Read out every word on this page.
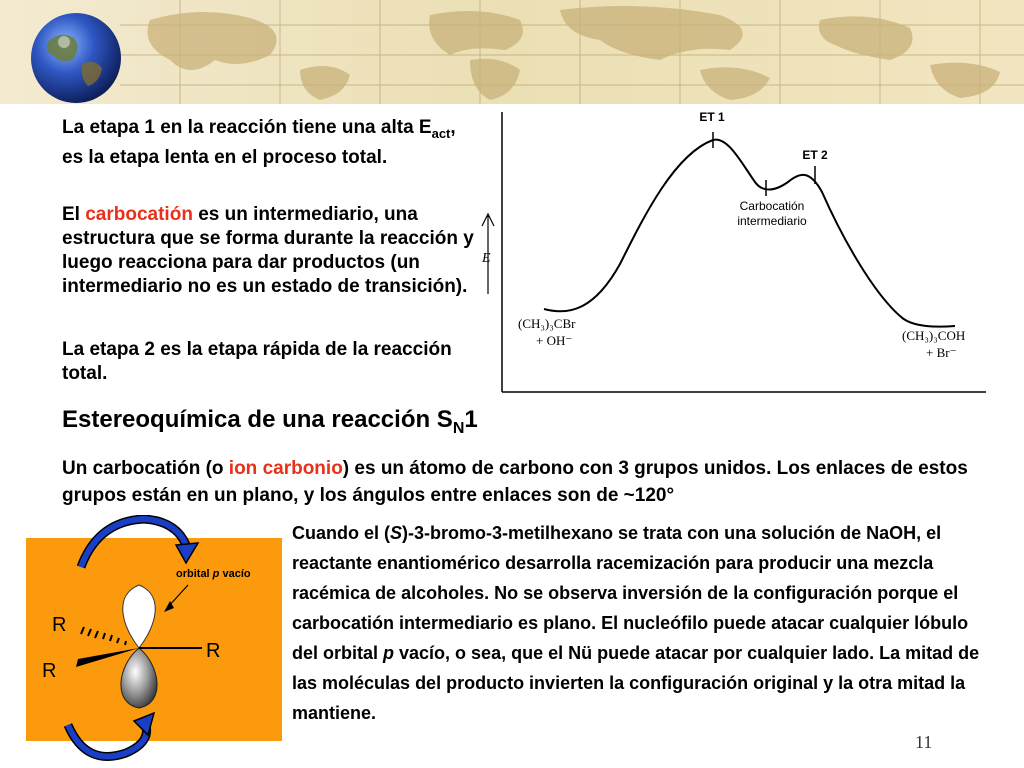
La etapa 1 en la reacción tiene una alta $E_{act}$, es la etapa lenta en el proceso total.
El carbocatión es un intermediario, una estructura que se forma durante la reacción y luego reacciona para dar productos (un intermediario no es un estado de transición).
La etapa 2 es la etapa rápida de la reacción total.
ET 1
ET 2
Carbocatión
intermediario
E
(CH₃)₃CBr
+ OH⁻	(CH₃)₃COH
+ Br⁻
Estereoquímica de una reacción $S_N1$
Un carbocatión (o ion carbonio) es un átomo de carbono con 3 grupos unidos. Los enlaces de estos grupos están en un plano, y los ángulos entre enlaces son de ~120°
orbital p vacío
R
R
R
Cuando el (S)-3-bromo-3-metilhexano se trata con una solución de NaOH, el reactante enantiomérico desarrolla racemización para producir una mezcla racémica de alcoholes. No se observa inversión de la configuración porque el carbocatión intermediario es plano. El nucleófilo puede atacar cualquier lóbulo del orbital p vacío, o sea, que el Nü puede atacar por cualquier lado. La mitad de las moléculas del producto invierten la configuración original y la otra mitad la mantiene.
11
